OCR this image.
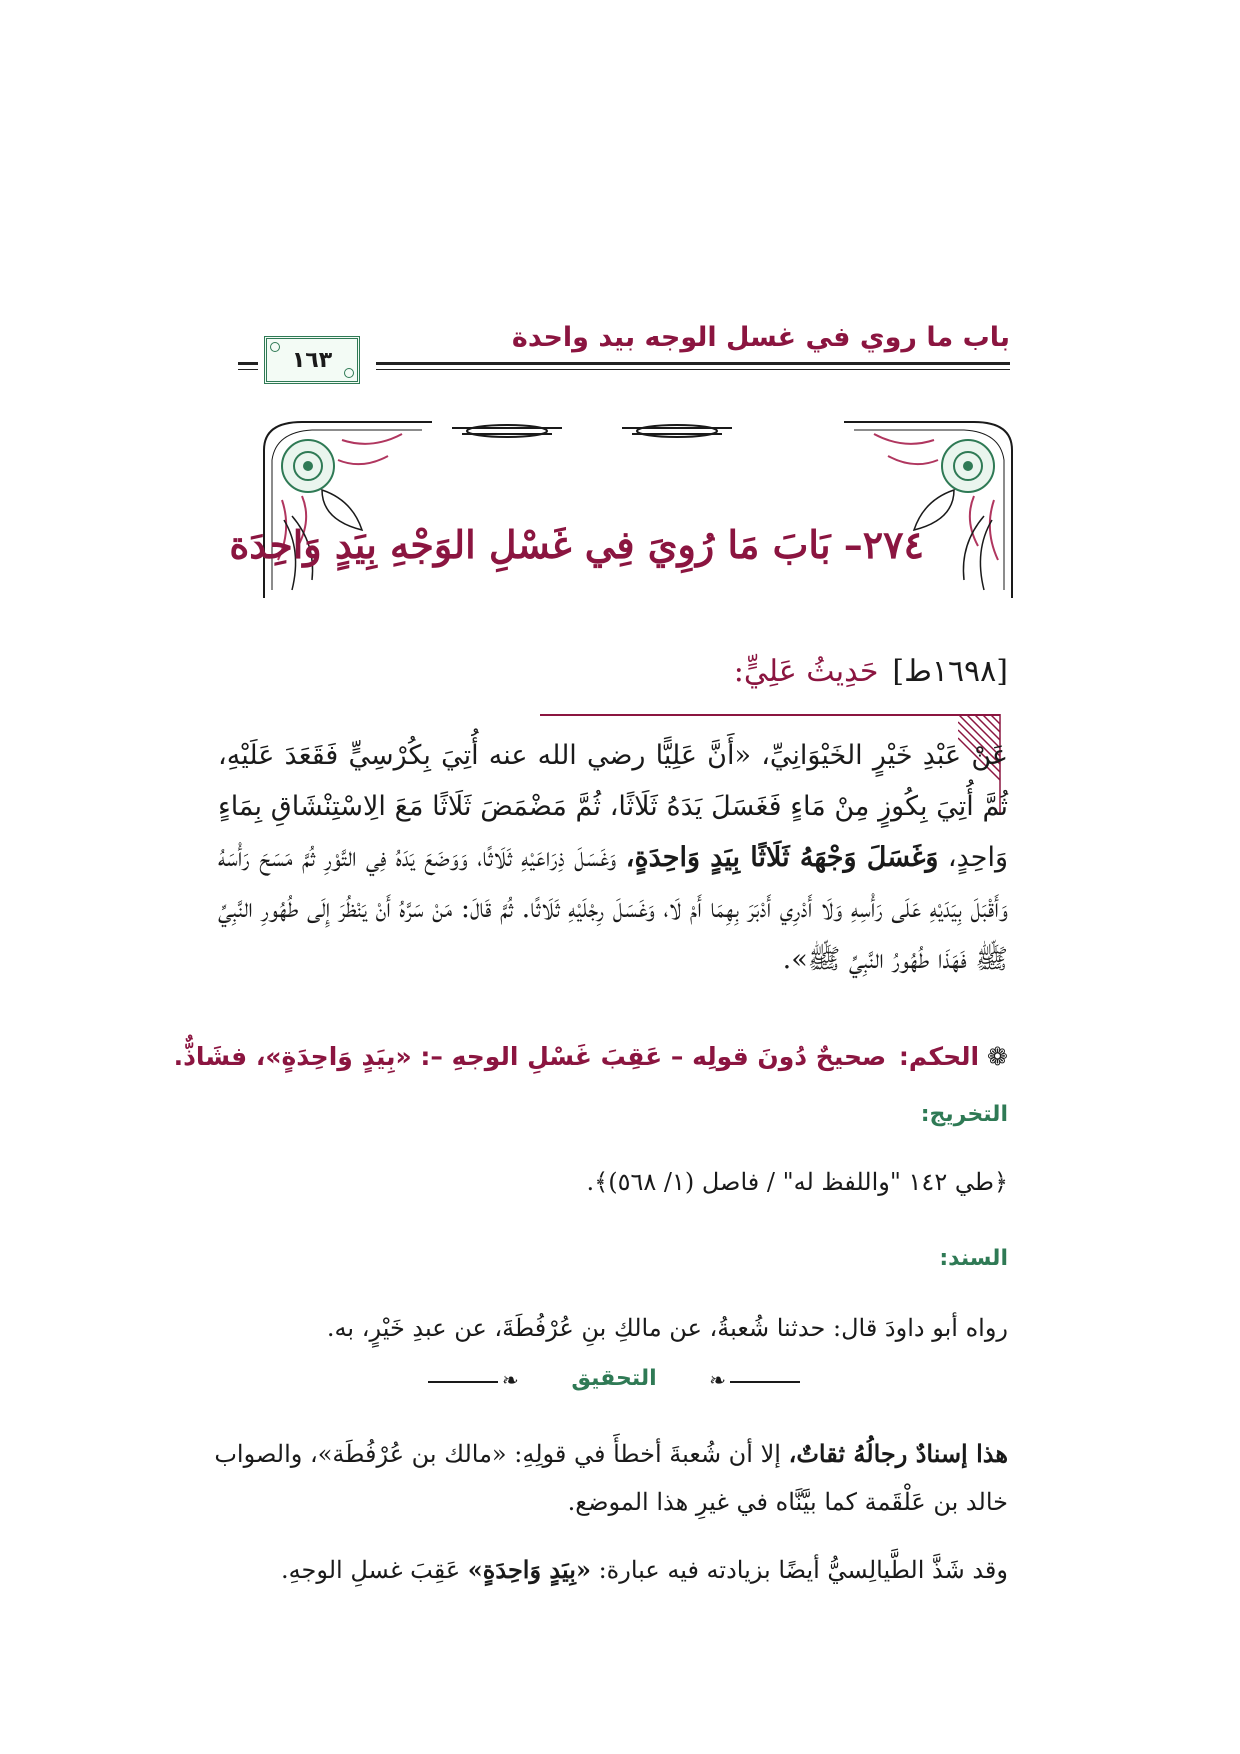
باب ما روي في غسل الوجه بيد واحدة
١٦٣
٢٧٤– بَابَ مَا رُوِيَ فِي غَسْلِ الوَجْهِ بِيَدٍ وَاحِدَة
[١٦٩٨ط]حَدِيثُ عَلِيٍّ:
عَنْ عَبْدِ خَيْرٍ الخَيْوَانِيِّ، «أَنَّ عَلِيًّا رضي الله عنه أُتِيَ بِكُرْسِيٍّ فَقَعَدَ عَلَيْهِ، ثُمَّ أُتِيَ بِكُوزٍ مِنْ مَاءٍ فَغَسَلَ يَدَهُ ثَلَاثًا، ثُمَّ مَضْمَضَ ثَلَاثًا مَعَ الِاسْتِنْشَاقِ بِمَاءٍ وَاحِدٍ، وَغَسَلَ وَجْهَهُ ثَلَاثًا بِيَدٍ وَاحِدَةٍ، وَغَسَلَ ذِرَاعَيْهِ ثَلَاثًا، وَوَضَعَ يَدَهُ فِي التَّوْرِ ثُمَّ مَسَحَ رَأْسَهُ وَأَقْبَلَ بِيَدَيْهِ عَلَى رَأْسِهِ وَلَا أَدْرِي أَدْبَرَ بِهِمَا أَمْ لَا، وَغَسَلَ رِجْلَيْهِ ثَلَاثًا. ثُمَّ قَالَ: مَنْ سَرَّهُ أَنْ يَنْظُرَ إِلَى طُهُورِ النَّبِيِّ ﷺ فَهَذَا طُهُورُ النَّبِيِّ ﷺ».
❁الحكم: صحيحٌ دُونَ قولِه – عَقِبَ غَسْلِ الوجهِ –: «بِيَدٍ وَاحِدَةٍ»، فشَاذٌّ.
التخريج:
﴿طي ١٤٢ "واللفظ له" / فاصل (١/ ٥٦٨)﴾.
السند:
رواه أبو داودَ قال: حدثنا شُعبةُ، عن مالكِ بنِ عُرْفُطَةَ، عن عبدِ خَيْرٍ، به.
❧	❧
التحقيق
هذا إسنادٌ رجالُهُ ثقاتٌ، إلا أن شُعبةَ أخطأَ في قولِهِ: «مالك بن عُرْفُطَة»، والصواب خالد بن عَلْقَمة كما بيَّنَّاه في غيرِ هذا الموضع.
وقد شَذَّ الطَّيالِسيُّ أيضًا بزيادته فيه عبارة: «بِيَدٍ وَاحِدَةٍ» عَقِبَ غسلِ الوجهِ.
